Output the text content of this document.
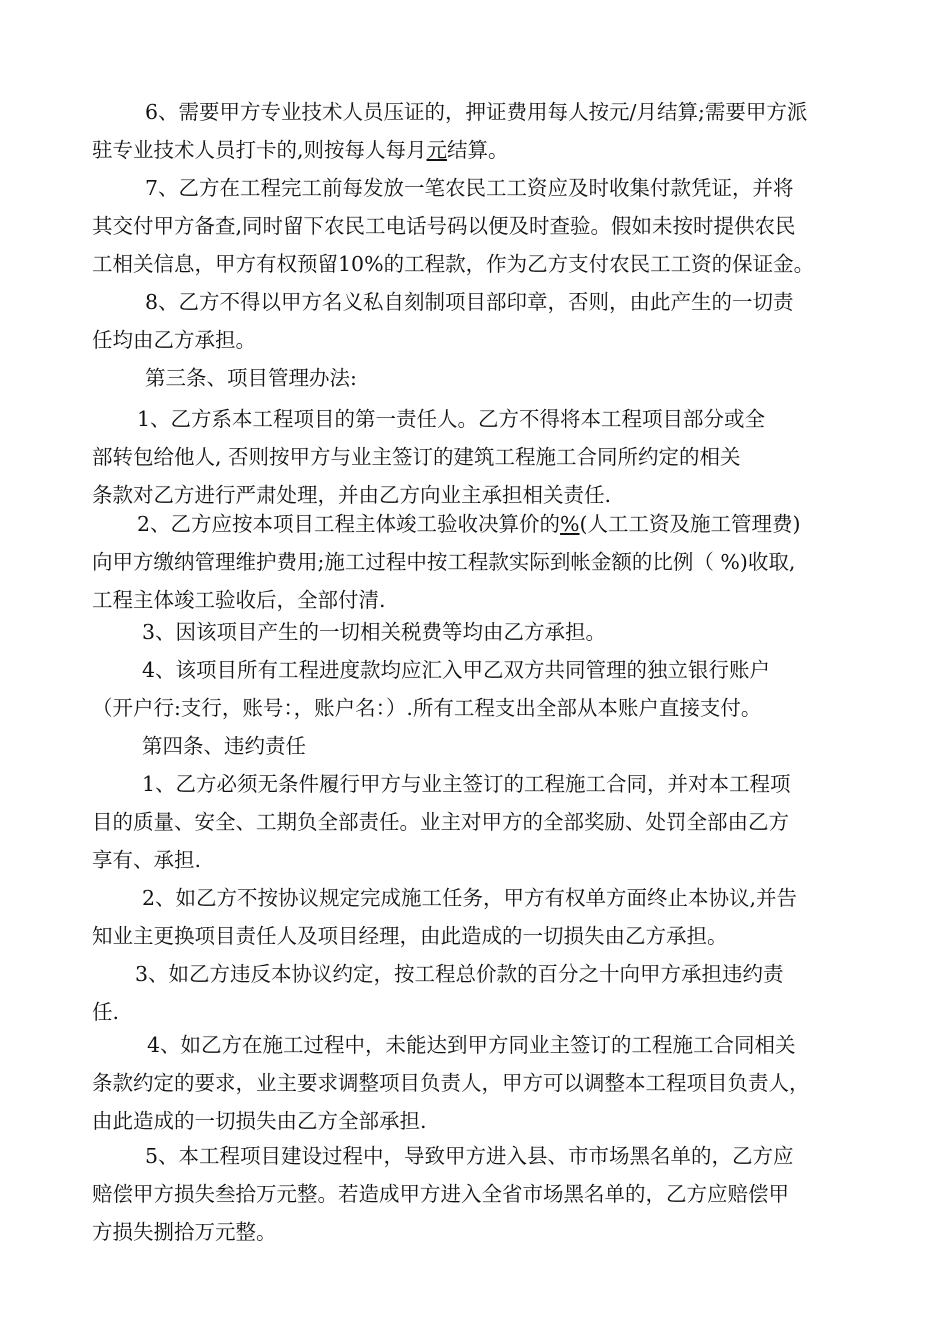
6、需要甲方专业技术人员压证的，押证费用每人按元/月结算;需要甲方派
驻专业技术人员打卡的,则按每人每月元结算。
7、乙方在工程完工前每发放一笔农民工工资应及时收集付款凭证，并将
其交付甲方备查,同时留下农民工电话号码以便及时查验。假如未按时提供农民
工相关信息，甲方有权预留10%的工程款，作为乙方支付农民工工资的保证金。
8、乙方不得以甲方名义私自刻制项目部印章，否则，由此产生的一切责
任均由乙方承担。
第三条、项目管理办法:
1、乙方系本工程项目的第一责任人。乙方不得将本工程项目部分或全
部转包给他人, 否则按甲方与业主签订的建筑工程施工合同所约定的相关
条款对乙方进行严肃处理，并由乙方向业主承担相关责任.
2、乙方应按本项目工程主体竣工验收决算价的%(人工工资及施工管理费)
向甲方缴纳管理维护费用;施工过程中按工程款实际到帐金额的比例（ %)收取,
工程主体竣工验收后，全部付清.
3、因该项目产生的一切相关税费等均由乙方承担。
4、该项目所有工程进度款均应汇入甲乙双方共同管理的独立银行账户
（开户行:支行，账号：，账户名：）.所有工程支出全部从本账户直接支付。
第四条、违约责任
1、乙方必须无条件履行甲方与业主签订的工程施工合同，并对本工程项
目的质量、安全、工期负全部责任。业主对甲方的全部奖励、处罚全部由乙方
享有、承担.
2、如乙方不按协议规定完成施工任务，甲方有权单方面终止本协议,并告
知业主更换项目责任人及项目经理，由此造成的一切损失由乙方承担。
3、如乙方违反本协议约定，按工程总价款的百分之十向甲方承担违约责
任.
4、如乙方在施工过程中，未能达到甲方同业主签订的工程施工合同相关
条款约定的要求，业主要求调整项目负责人，甲方可以调整本工程项目负责人，
由此造成的一切损失由乙方全部承担.
5、本工程项目建设过程中，导致甲方进入县、市市场黑名单的，乙方应
赔偿甲方损失叁拾万元整。若造成甲方进入全省市场黑名单的，乙方应赔偿甲
方损失捌拾万元整。
